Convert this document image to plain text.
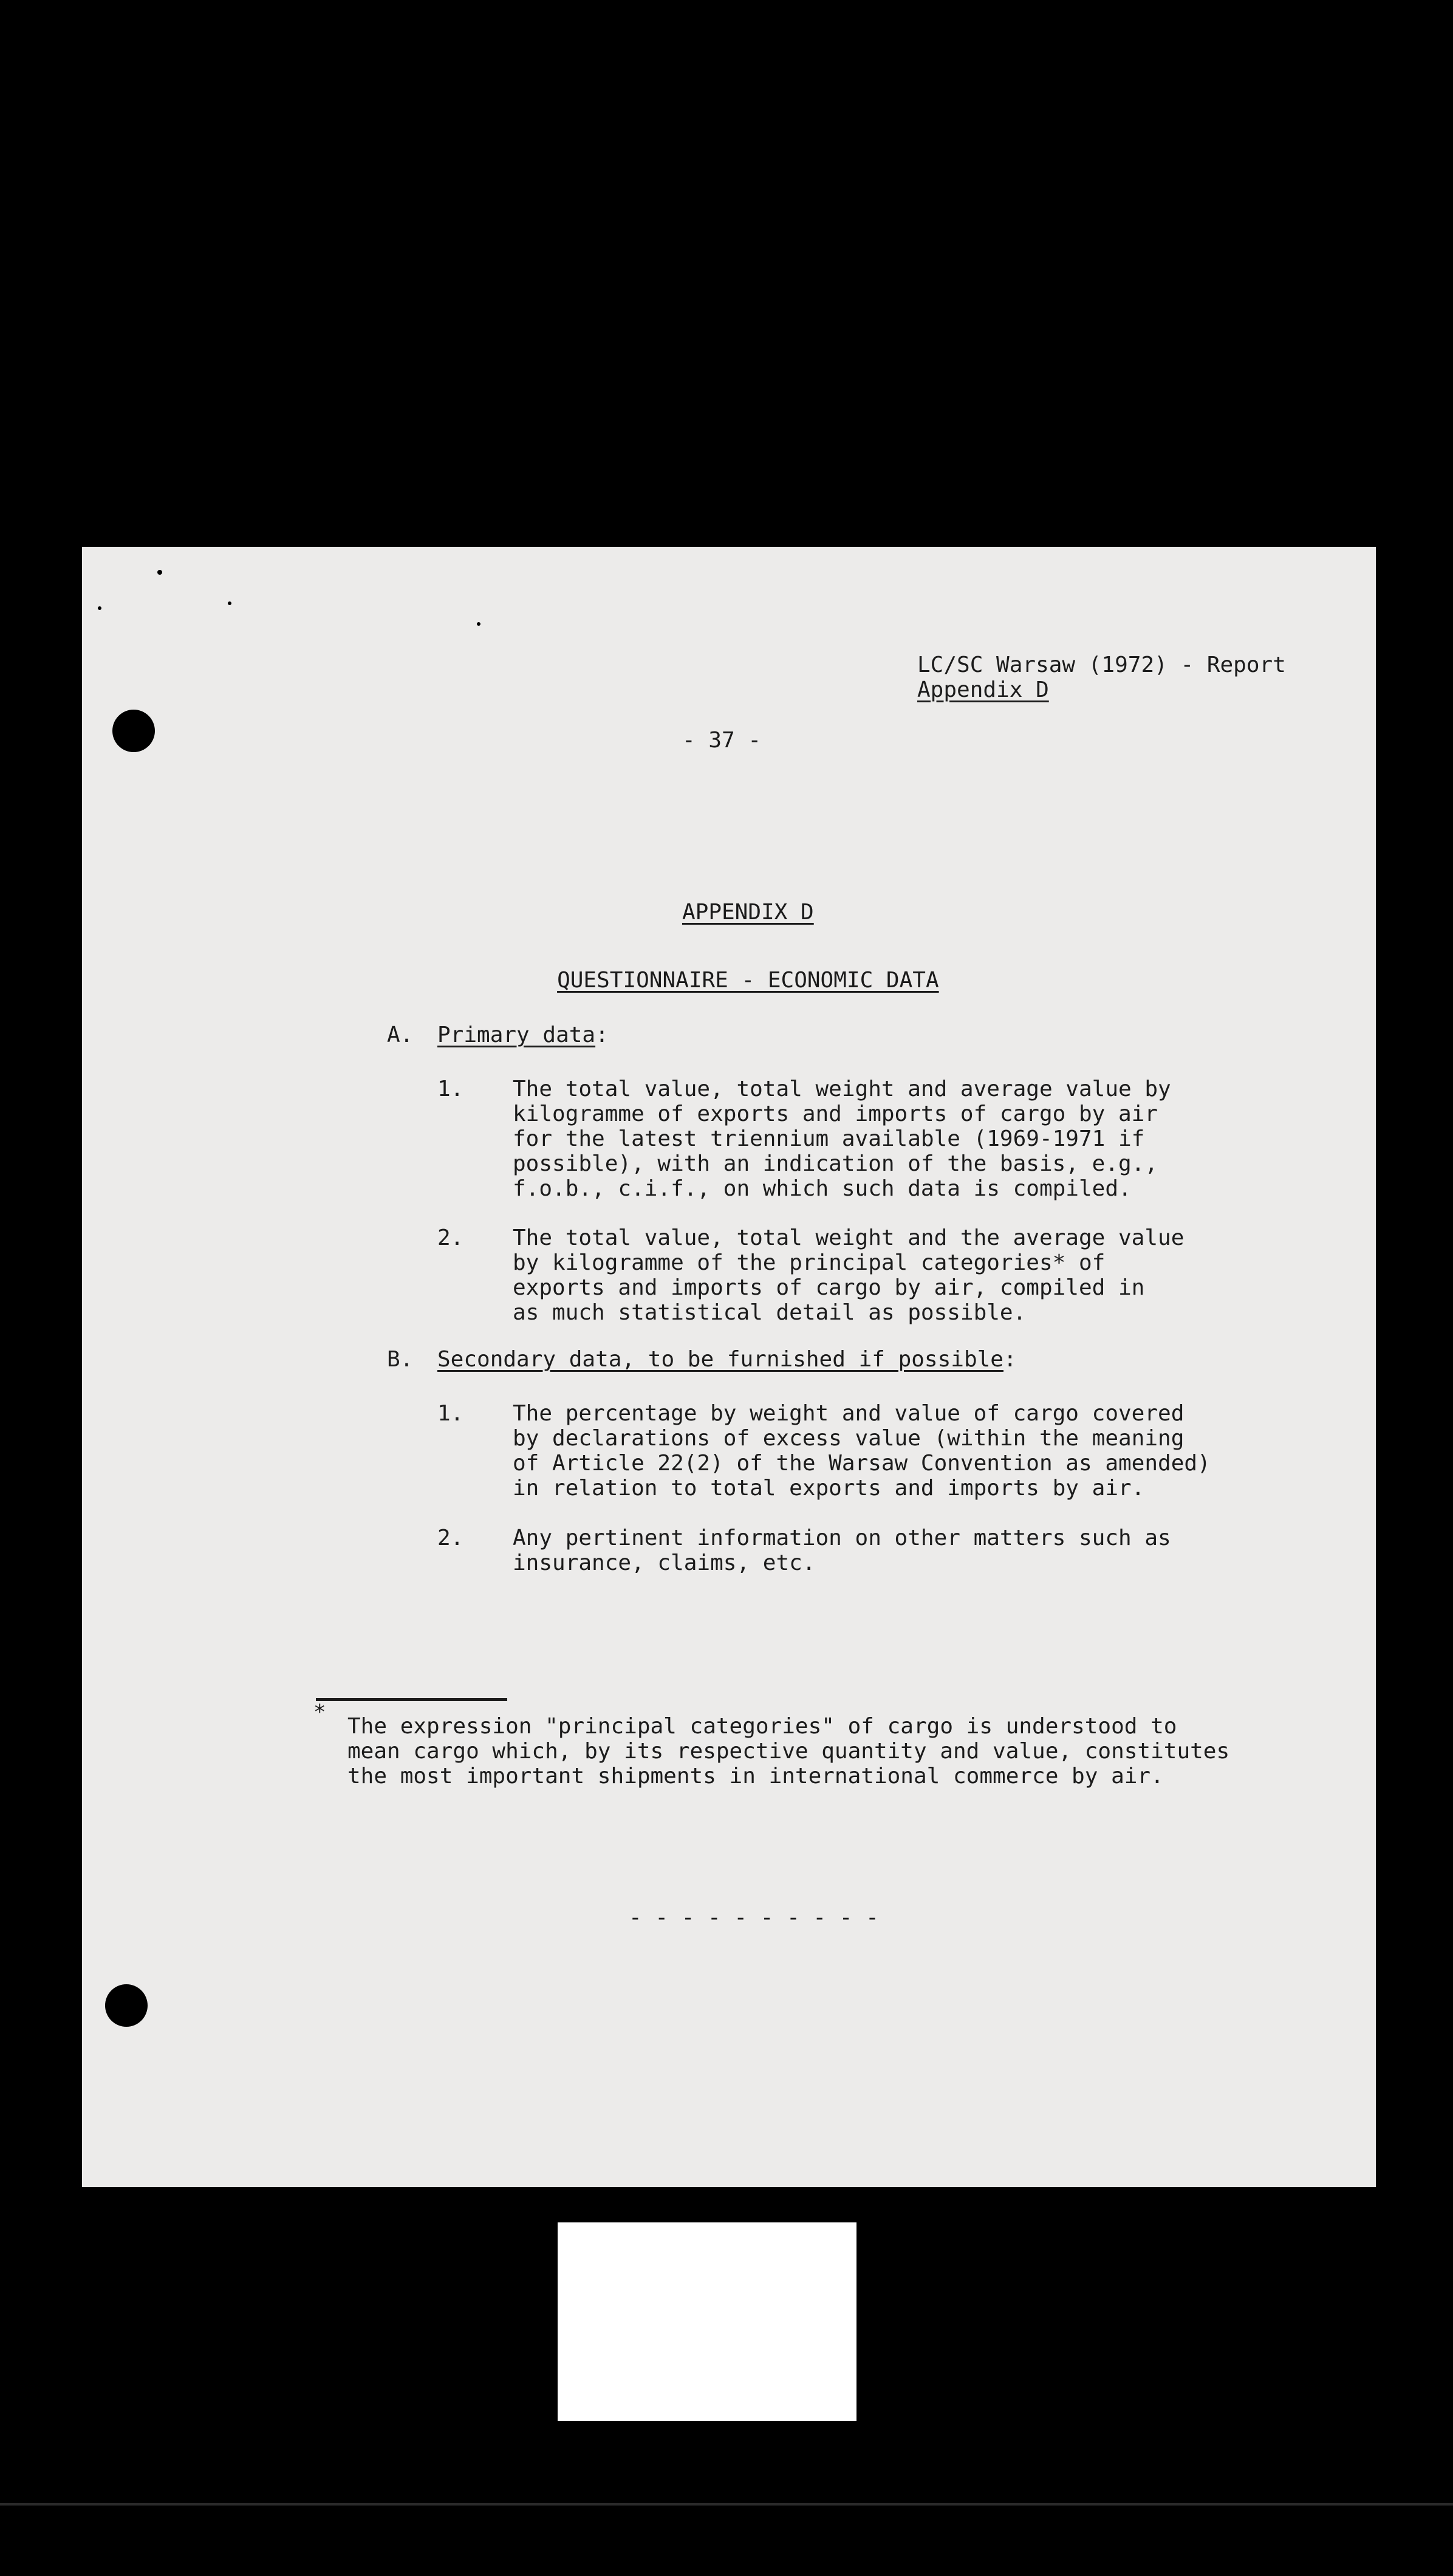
LC/SC Warsaw (1972) - Report
Appendix D
- 37 -

APPENDIX D

QUESTIONNAIRE - ECONOMIC DATA

A. Primary data:
1. The total value, total weight and average value by
kilogramme of exports and imports of cargo by air
for the latest triennium available (1969-1971 if
possible), with an indication of the basis, e.g.,
f.o.b., c.i.f., on which such data is compiled.
2. The total value, total weight and the average value
by kilogramme of the principal categories* of
exports and imports of cargo by air, compiled in
as much statistical detail as possible.
B. Secondary data, to be furnished if possible:
1. The percentage by weight and value of cargo covered
by declarations of excess value (within the meaning
of Article 22(2) of the Warsaw Convention as amended)
in relation to total exports and imports by air.
2. Any pertinent information on other matters such as
insurance, claims, etc.
*
The expression "principal categories" of cargo is understood to
mean cargo which, by its respective quantity and value, constitutes
the most important shipments in international commerce by air.
- - - - - - - - - -
